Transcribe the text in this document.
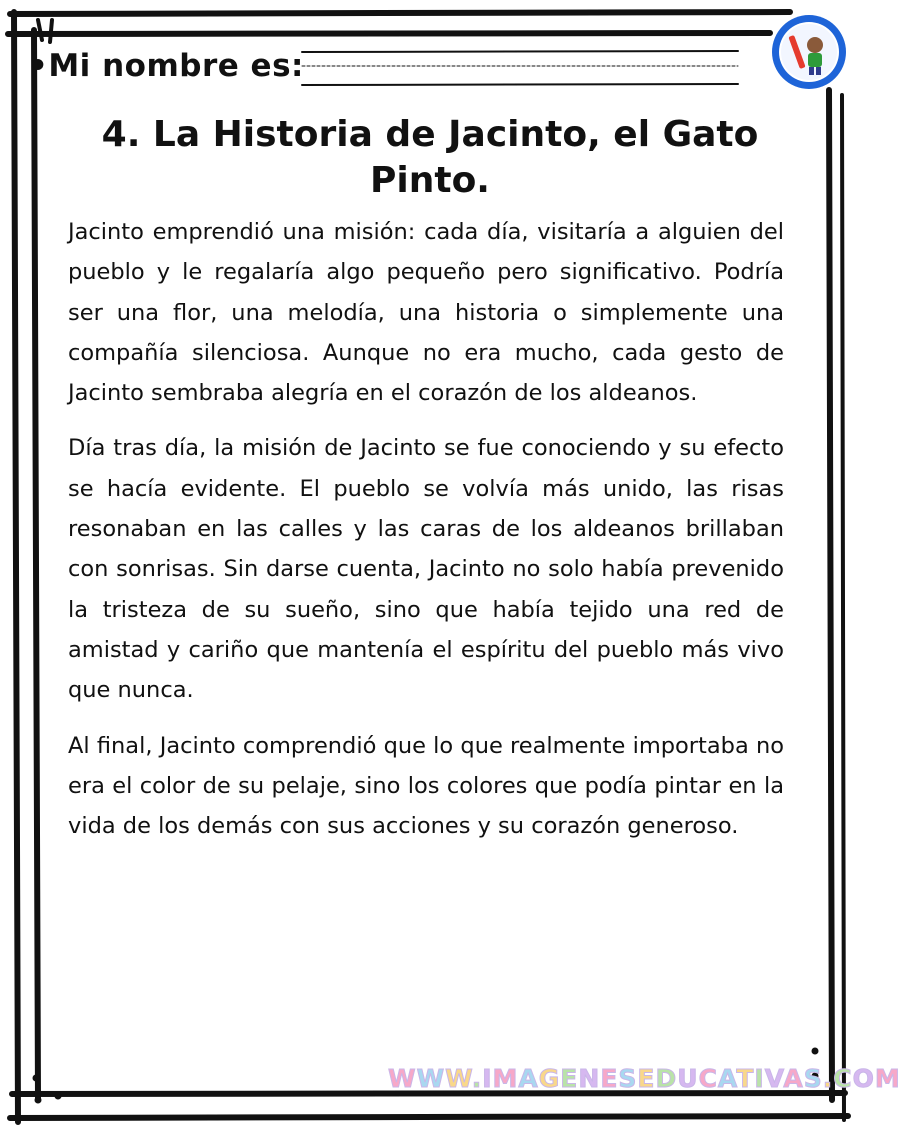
•Mi nombre es:
4. La Historia de Jacinto, el Gato Pinto.

Jacinto emprendió una misión: cada día, visitaría a alguien del pueblo y le regalaría algo pequeño pero significativo. Podría ser una flor, una melodía, una historia o simplemente una compañía silenciosa. Aunque no era mucho, cada gesto de Jacinto sembraba alegría en el corazón de los aldeanos.

Día tras día, la misión de Jacinto se fue conociendo y su efecto se hacía evidente. El pueblo se volvía más unido, las risas resonaban en las calles y las caras de los aldeanos brillaban con sonrisas. Sin darse cuenta, Jacinto no solo había prevenido la tristeza de su sueño, sino que había tejido una red de amistad y cariño que mantenía el espíritu del pueblo más vivo que nunca.

Al final, Jacinto comprendió que lo que realmente importaba no era el color de su pelaje, sino los colores que podía pintar en la vida de los demás con sus acciones y su corazón generoso.

WWW.IMAGENESEDUCATIVAS.COM
